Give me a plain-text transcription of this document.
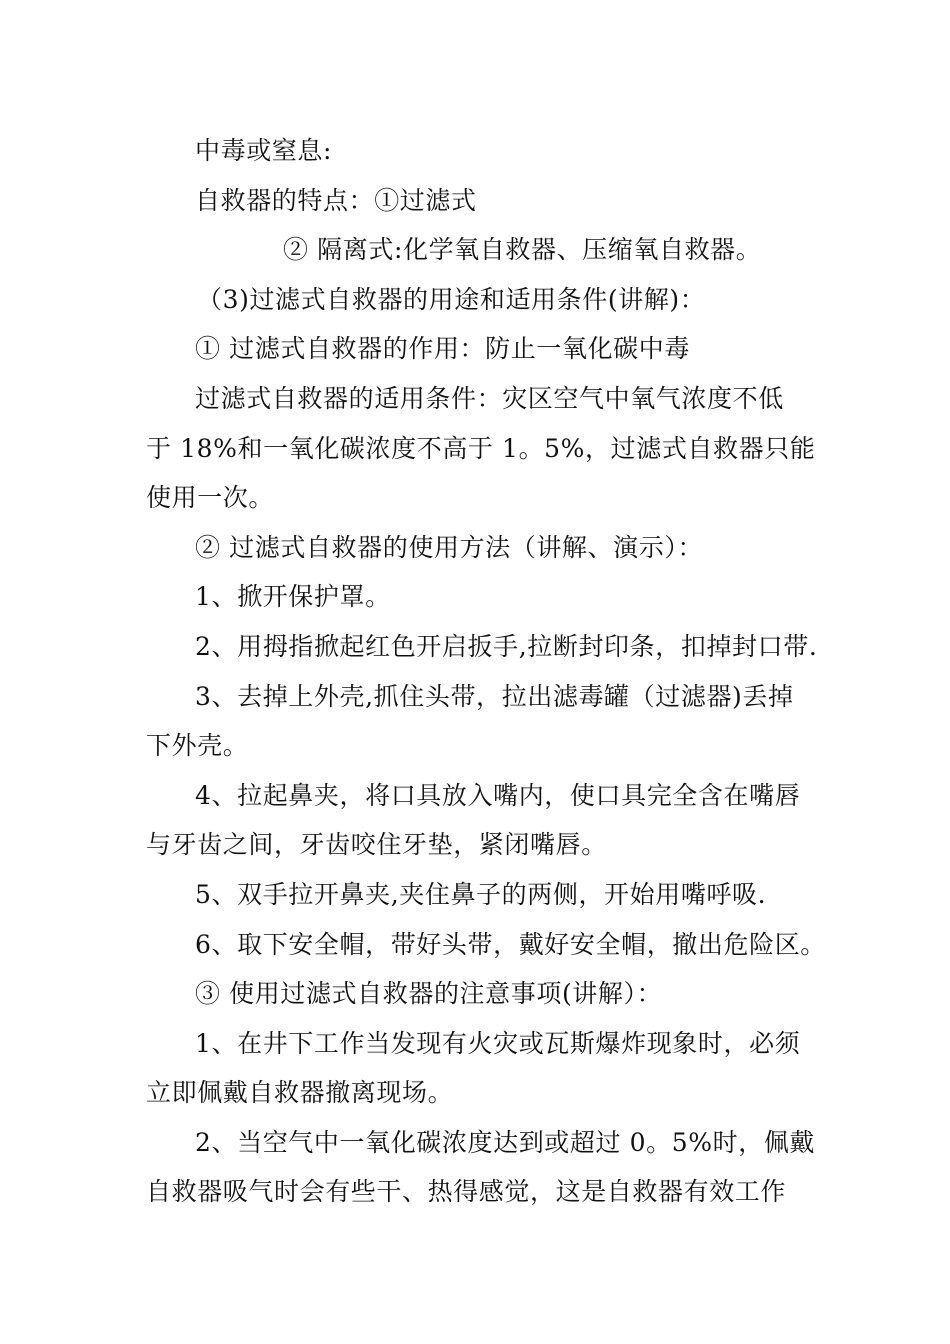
中毒或窒息:
自救器的特点：①过滤式
② 隔离式:化学氧自救器、压缩氧自救器。
（3)过滤式自救器的用途和适用条件(讲解)：
① 过滤式自救器的作用：防止一氧化碳中毒
过滤式自救器的适用条件：灾区空气中氧气浓度不低
于 18%和一氧化碳浓度不高于 1。5%，过滤式自救器只能
使用一次。
② 过滤式自救器的使用方法（讲解、演示）：
1、掀开保护罩。
2、用拇指掀起红色开启扳手,拉断封印条，扣掉封口带.
3、去掉上外壳,抓住头带，拉出滤毒罐（过滤器)丢掉
下外壳。
4、拉起鼻夹，将口具放入嘴内，使口具完全含在嘴唇
与牙齿之间，牙齿咬住牙垫，紧闭嘴唇。
5、双手拉开鼻夹,夹住鼻子的两侧，开始用嘴呼吸.
6、取下安全帽，带好头带，戴好安全帽，撤出危险区。
③ 使用过滤式自救器的注意事项(讲解）：
1、在井下工作当发现有火灾或瓦斯爆炸现象时，必须
立即佩戴自救器撤离现场。
2、当空气中一氧化碳浓度达到或超过 0。5%时，佩戴
自救器吸气时会有些干、热得感觉，这是自救器有效工作
